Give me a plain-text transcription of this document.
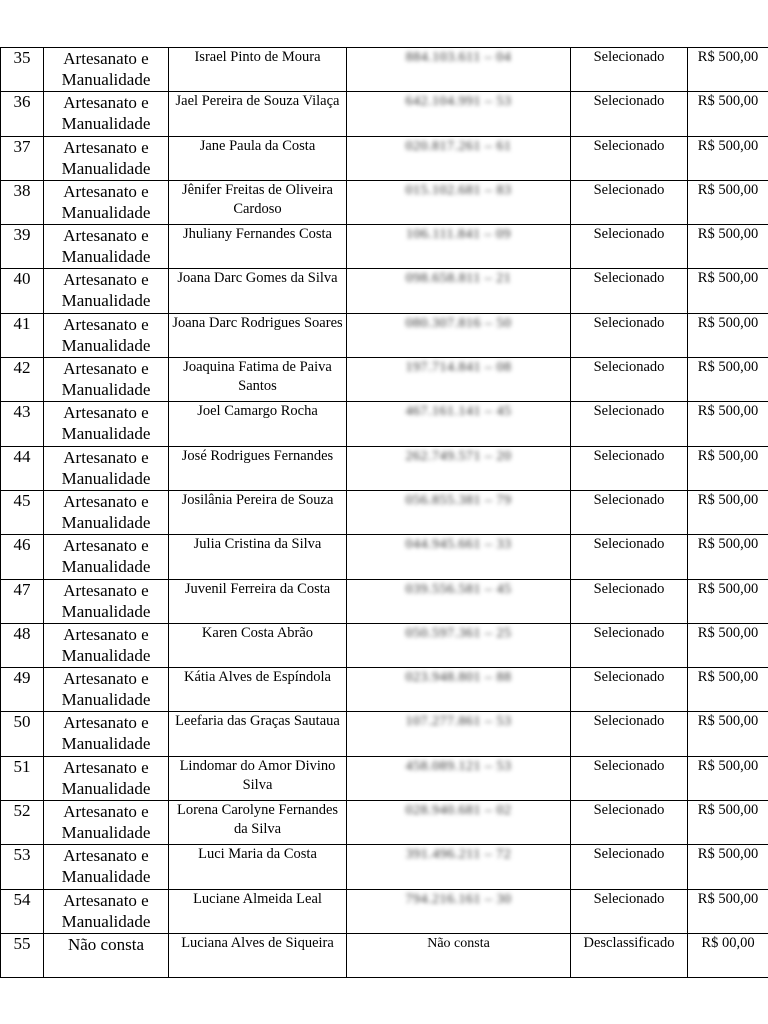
35	Artesanato e Manualidade	Israel Pinto de Moura	884.103.611 – 04	Selecionado	R$ 500,00
36	Artesanato e Manualidade	Jael Pereira de Souza Vilaça	642.104.991 – 53	Selecionado	R$ 500,00
37	Artesanato e Manualidade	Jane Paula da Costa	020.817.261 – 61	Selecionado	R$ 500,00
38	Artesanato e Manualidade	Jênifer Freitas de Oliveira Cardoso	015.102.681 – 83	Selecionado	R$ 500,00
39	Artesanato e Manualidade	Jhuliany Fernandes Costa	106.111.841 – 09	Selecionado	R$ 500,00
40	Artesanato e Manualidade	Joana Darc Gomes da Silva	098.658.811 – 21	Selecionado	R$ 500,00
41	Artesanato e Manualidade	Joana Darc Rodrigues Soares	080.307.816 – 50	Selecionado	R$ 500,00
42	Artesanato e Manualidade	Joaquina Fatima de Paiva Santos	197.714.841 – 08	Selecionado	R$ 500,00
43	Artesanato e Manualidade	Joel Camargo Rocha	467.161.141 – 45	Selecionado	R$ 500,00
44	Artesanato e Manualidade	José Rodrigues Fernandes	262.749.571 – 20	Selecionado	R$ 500,00
45	Artesanato e Manualidade	Josilânia Pereira de Souza	056.855.381 – 79	Selecionado	R$ 500,00
46	Artesanato e Manualidade	Julia Cristina da Silva	044.945.661 – 33	Selecionado	R$ 500,00
47	Artesanato e Manualidade	Juvenil Ferreira da Costa	039.556.581 – 45	Selecionado	R$ 500,00
48	Artesanato e Manualidade	Karen Costa Abrão	050.597.361 – 25	Selecionado	R$ 500,00
49	Artesanato e Manualidade	Kátia Alves de Espíndola	023.948.801 – 88	Selecionado	R$ 500,00
50	Artesanato e Manualidade	Leefaria das Graças Sautaua	107.277.861 – 53	Selecionado	R$ 500,00
51	Artesanato e Manualidade	Lindomar do Amor Divino Silva	458.089.121 – 53	Selecionado	R$ 500,00
52	Artesanato e Manualidade	Lorena Carolyne Fernandes da Silva	028.940.681 – 02	Selecionado	R$ 500,00
53	Artesanato e Manualidade	Luci Maria da Costa	391.496.211 – 72	Selecionado	R$ 500,00
54	Artesanato e Manualidade	Luciane Almeida Leal	794.216.161 – 30	Selecionado	R$ 500,00
55	Não consta	Luciana Alves de Siqueira	Não consta	Desclassificado	R$ 00,00
